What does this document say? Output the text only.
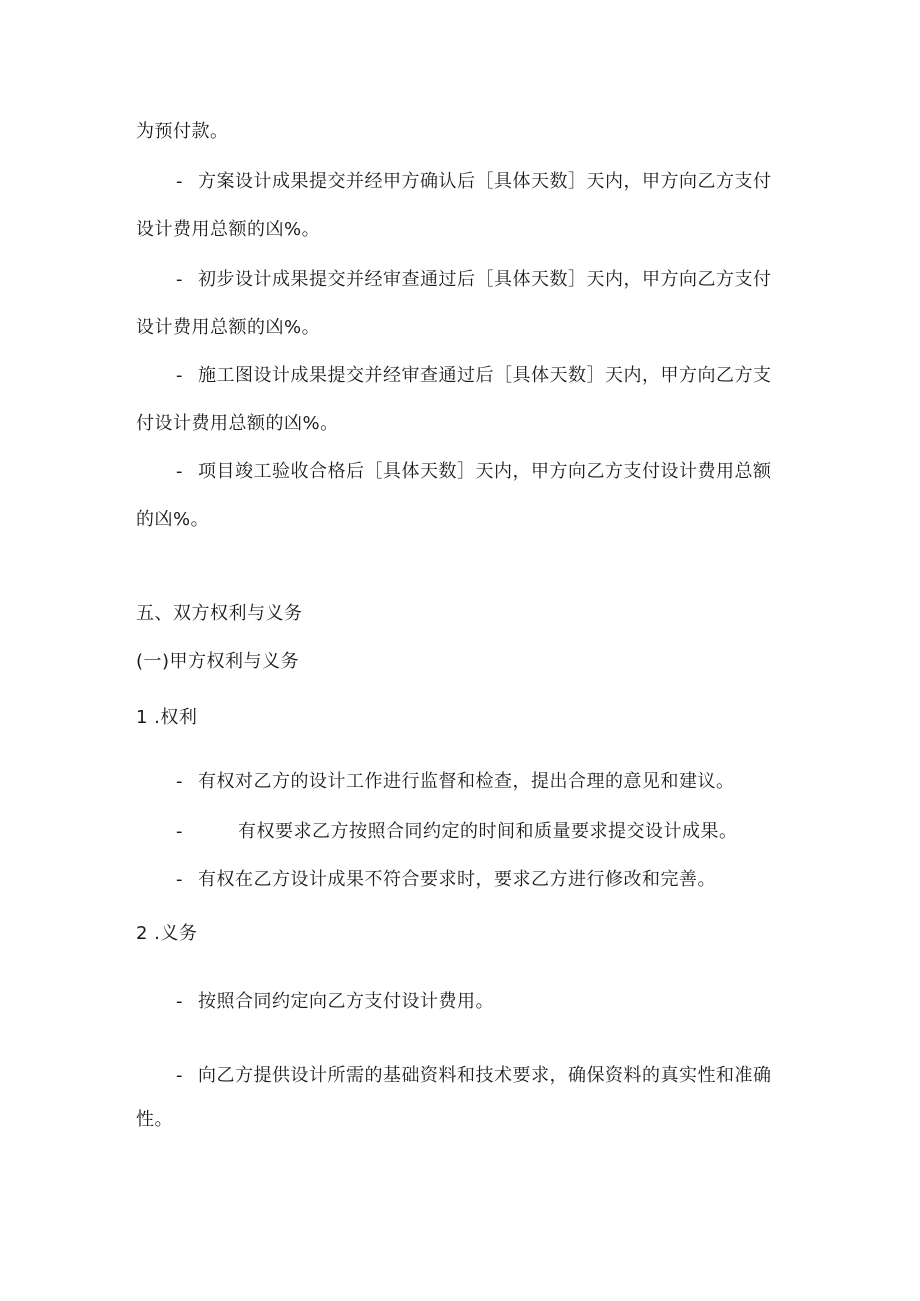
为预付款。
- 方案设计成果提交并经甲方确认后［具体天数］天内，甲方向乙方支付
设计费用总额的凶%。
- 初步设计成果提交并经审查通过后［具体天数］天内，甲方向乙方支付
设计费用总额的凶%。
- 施工图设计成果提交并经审查通过后［具体天数］天内，甲方向乙方支
付设计费用总额的凶%。
- 项目竣工验收合格后［具体天数］天内，甲方向乙方支付设计费用总额
的凶%。
五、双方权利与义务
(一)甲方权利与义务
1 .权利
- 有权对乙方的设计工作进行监督和检查，提出合理的意见和建议。
-	有权要求乙方按照合同约定的时间和质量要求提交设计成果。
- 有权在乙方设计成果不符合要求时，要求乙方进行修改和完善。
2 .义务
- 按照合同约定向乙方支付设计费用。
- 向乙方提供设计所需的基础资料和技术要求，确保资料的真实性和准确
性。
